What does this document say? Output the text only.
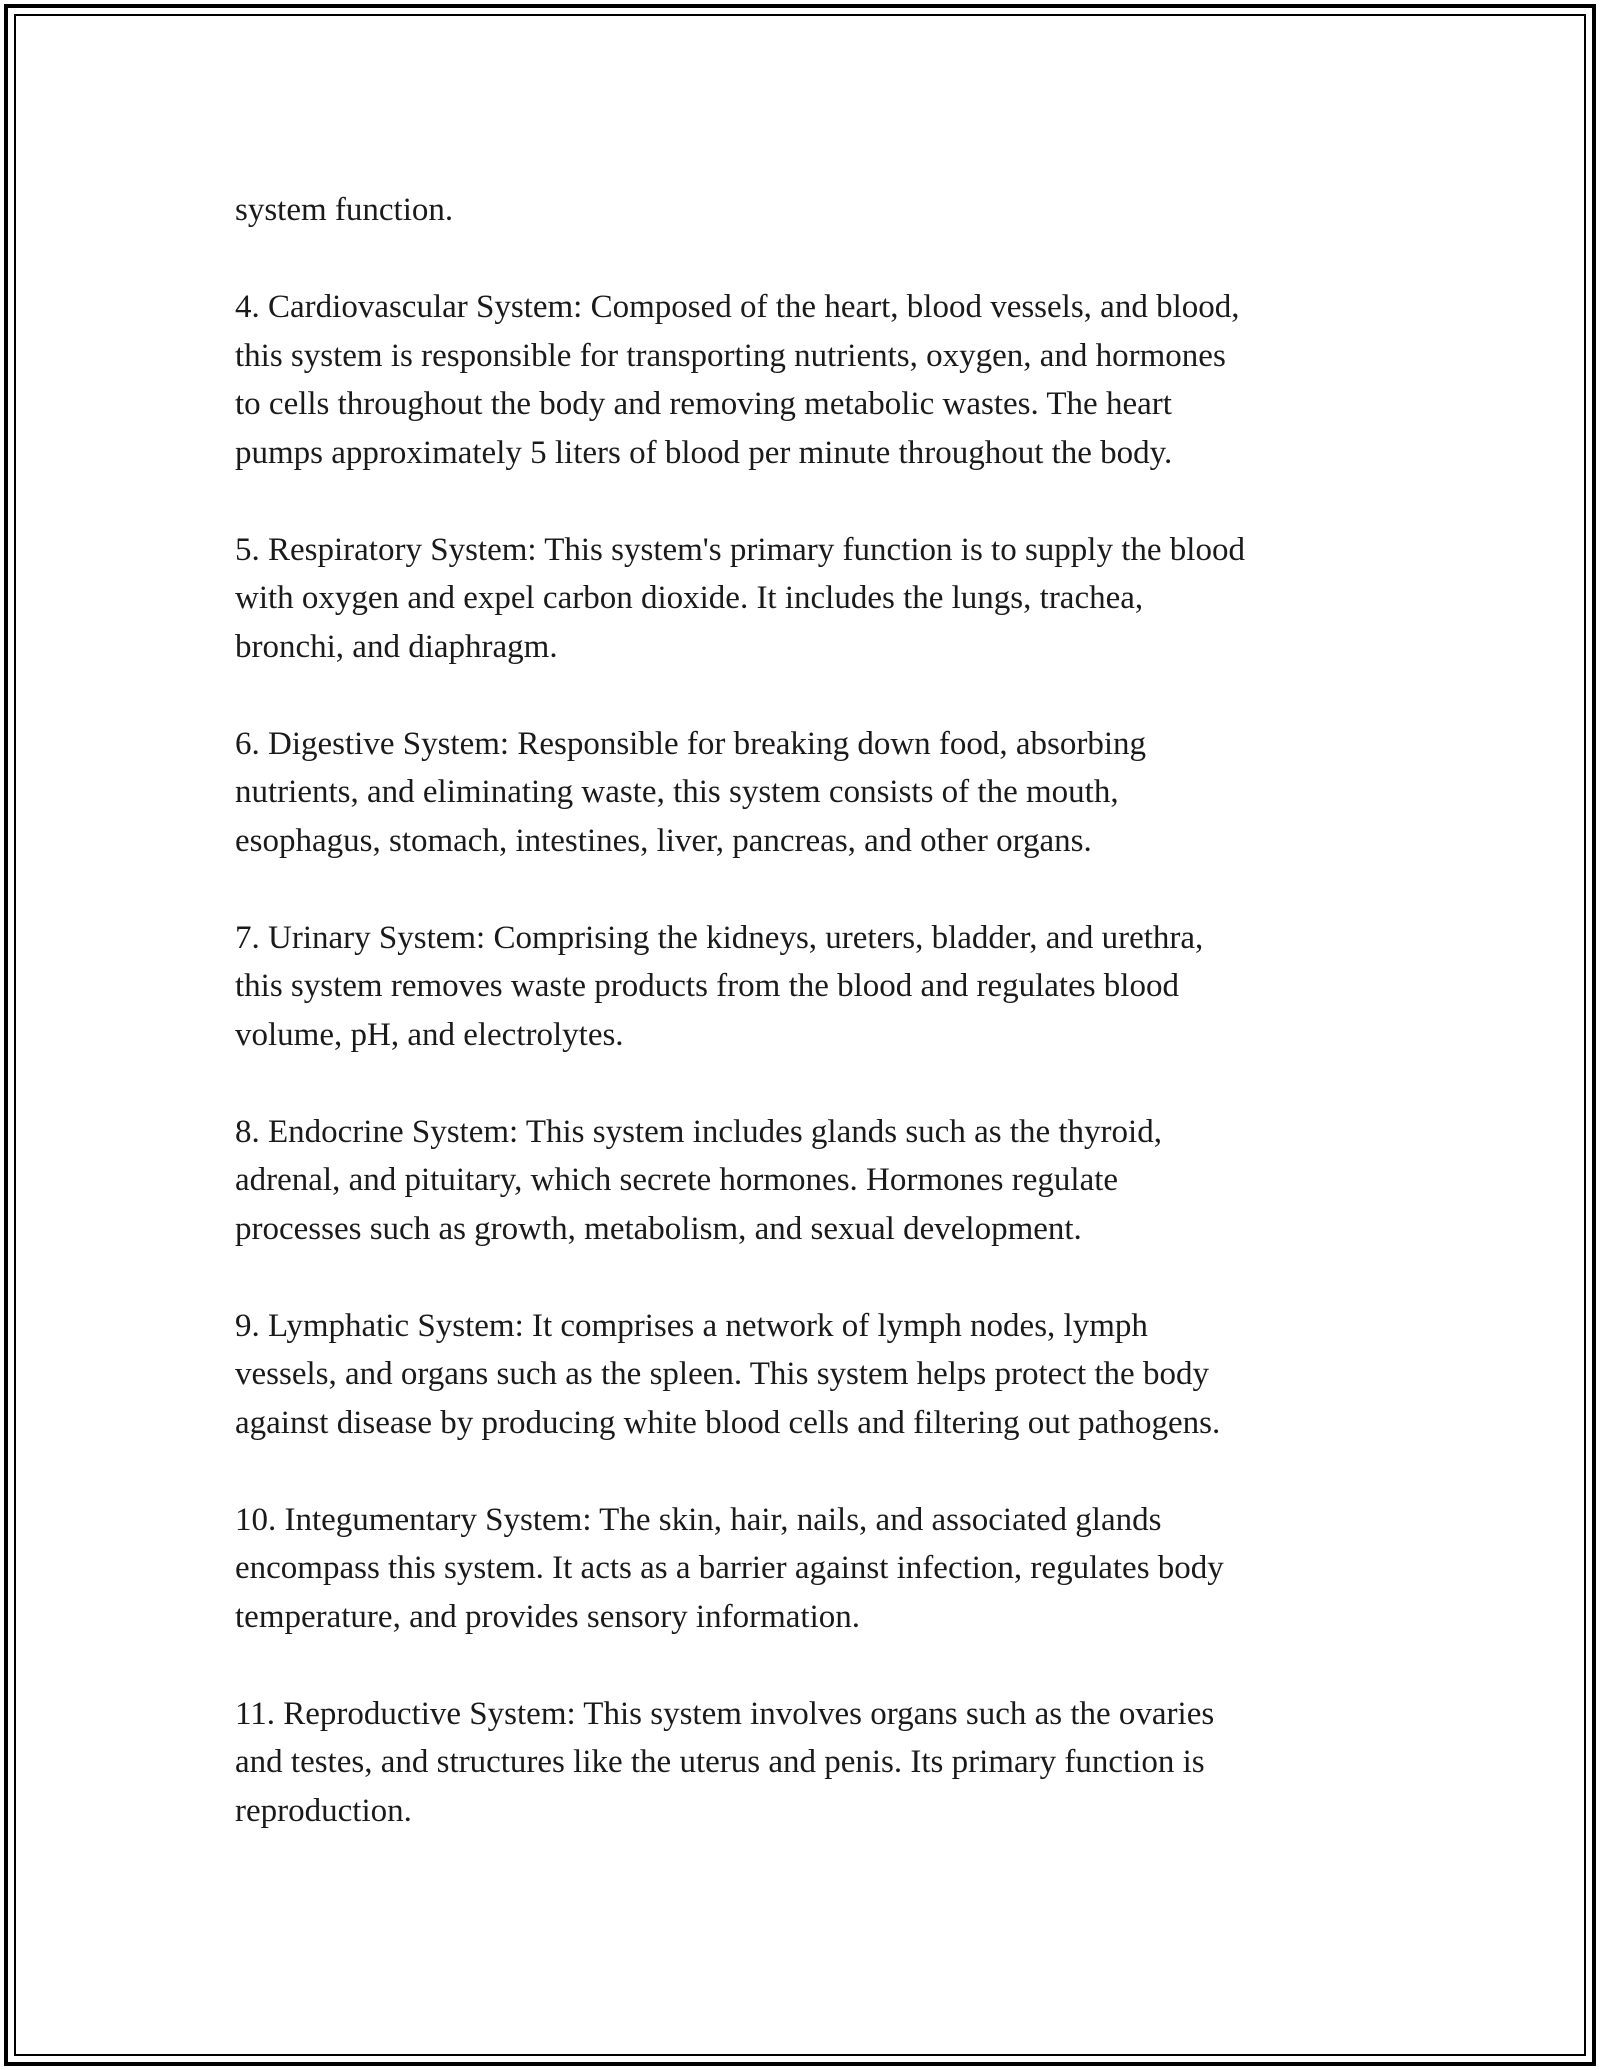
system function.

4. Cardiovascular System: Composed of the heart, blood vessels, and blood,
this system is responsible for transporting nutrients, oxygen, and hormones
to cells throughout the body and removing metabolic wastes. The heart
pumps approximately 5 liters of blood per minute throughout the body.

5. Respiratory System: This system's primary function is to supply the blood
with oxygen and expel carbon dioxide. It includes the lungs, trachea,
bronchi, and diaphragm.

6. Digestive System: Responsible for breaking down food, absorbing
nutrients, and eliminating waste, this system consists of the mouth,
esophagus, stomach, intestines, liver, pancreas, and other organs.

7. Urinary System: Comprising the kidneys, ureters, bladder, and urethra,
this system removes waste products from the blood and regulates blood
volume, pH, and electrolytes.

8. Endocrine System: This system includes glands such as the thyroid,
adrenal, and pituitary, which secrete hormones. Hormones regulate
processes such as growth, metabolism, and sexual development.

9. Lymphatic System: It comprises a network of lymph nodes, lymph
vessels, and organs such as the spleen. This system helps protect the body
against disease by producing white blood cells and filtering out pathogens.

10. Integumentary System: The skin, hair, nails, and associated glands
encompass this system. It acts as a barrier against infection, regulates body
temperature, and provides sensory information.

11. Reproductive System: This system involves organs such as the ovaries
and testes, and structures like the uterus and penis. Its primary function is
reproduction.
